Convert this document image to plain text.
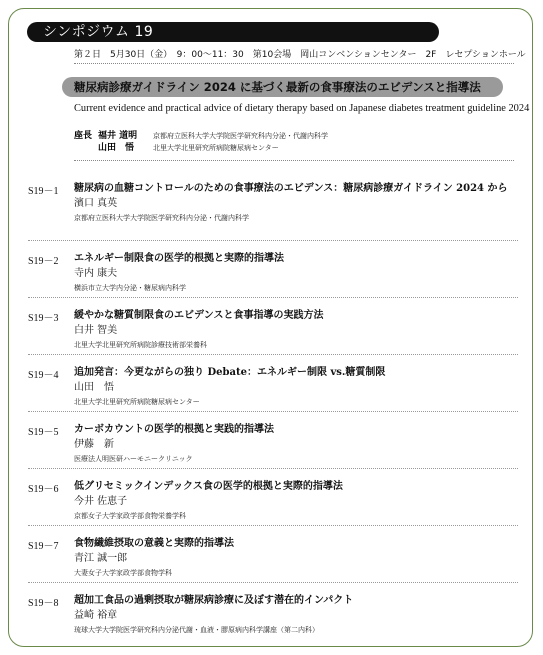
シンポジウム 19
第２日　5月30日（金）　9：00～11：30　第10会場　岡山コンベンションセンター　2F　レセプションホール
糖尿病診療ガイドライン 2024 に基づく最新の食事療法のエビデンスと指導法
Current evidence and practical advice of dietary therapy based on Japanese diabetes treatment guideline 2024
座長 福井 道明	京都府立医科大学大学院医学研究科内分泌・代謝内科学
山田　悟	北里大学北里研究所病院糖尿病センター
S19－1 糖尿病の血糖コントロールのための食事療法のエビデンス：糖尿病診療ガイドライン 2024 から
濱口 真英
京都府立医科大学大学院医学研究科内分泌・代謝内科学
S19－2 エネルギー制限食の医学的根拠と実際的指導法
寺内 康夫
横浜市立大学内分泌・糖尿病内科学
S19－3 緩やかな糖質制限食のエビデンスと食事指導の実践方法
白井 智美
北里大学北里研究所病院診療技術部栄養科
S19－4 追加発言：今更ながらの独り Debate：エネルギー制限 vs.糖質制限
山田　悟
北里大学北里研究所病院糖尿病センター
S19－5 カーボカウントの医学的根拠と実践的指導法
伊藤　新
医療法人明医研ハーモニークリニック
S19－6 低グリセミックインデックス食の医学的根拠と実際的指導法
今井 佐恵子
京都女子大学家政学部食物栄養学科
S19－7 食物繊維摂取の意義と実際的指導法
青江 誠一郎
大妻女子大学家政学部食物学科
S19－8 超加工食品の過剰摂取が糖尿病診療に及ぼす潜在的インパクト
益崎 裕章
琉球大学大学院医学研究科内分泌代謝・血液・膠原病内科学講座（第二内科）
